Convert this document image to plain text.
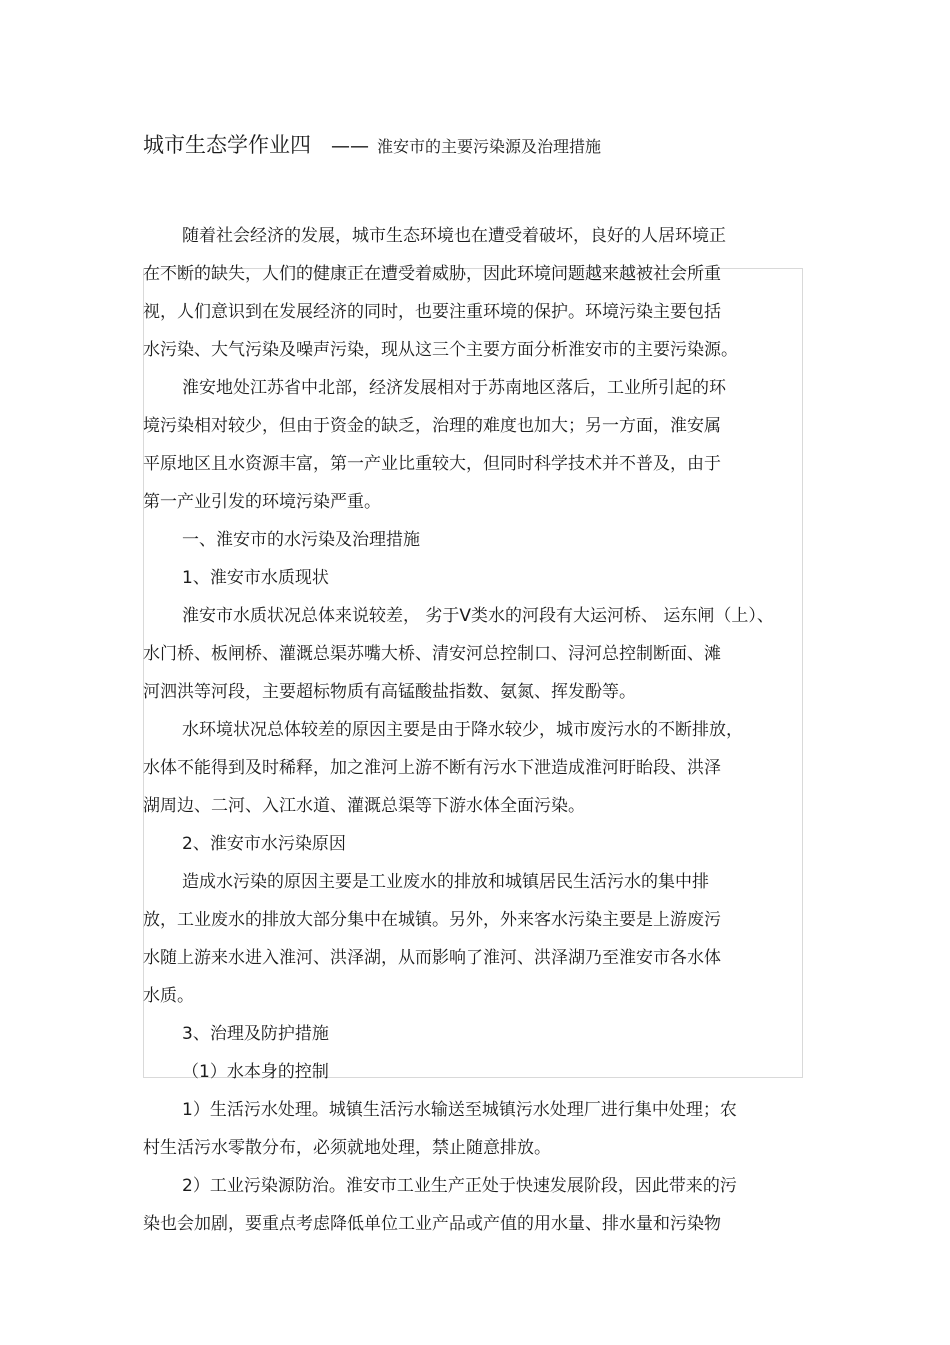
城市生态学作业四 —— 淮安市的主要污染源及治理措施
随着社会经济的发展，城市生态环境也在遭受着破坏，良好的人居环境正
在不断的缺失，人们的健康正在遭受着威胁，因此环境问题越来越被社会所重
视，人们意识到在发展经济的同时，也要注重环境的保护。环境污染主要包括
水污染、大气污染及噪声污染，现从这三个主要方面分析淮安市的主要污染源。
淮安地处江苏省中北部，经济发展相对于苏南地区落后，工业所引起的环
境污染相对较少，但由于资金的缺乏，治理的难度也加大；另一方面，淮安属
平原地区且水资源丰富，第一产业比重较大，但同时科学技术并不普及，由于
第一产业引发的环境污染严重。
一、淮安市的水污染及治理措施
1、淮安市水质现状
淮安市水质状况总体来说较差， 劣于Ⅴ类水的河段有大运河桥、 运东闸（上）、
水门桥、板闸桥、灌溉总渠苏嘴大桥、清安河总控制口、浔河总控制断面、滩
河泗洪等河段，主要超标物质有高锰酸盐指数、氨氮、挥发酚等。
水环境状况总体较差的原因主要是由于降水较少，城市废污水的不断排放，
水体不能得到及时稀释，加之淮河上游不断有污水下泄造成淮河盱眙段、洪泽
湖周边、二河、入江水道、灌溉总渠等下游水体全面污染。
2、淮安市水污染原因
造成水污染的原因主要是工业废水的排放和城镇居民生活污水的集中排
放，工业废水的排放大部分集中在城镇。另外，外来客水污染主要是上游废污
水随上游来水进入淮河、洪泽湖，从而影响了淮河、洪泽湖乃至淮安市各水体
水质。
3、治理及防护措施
（1）水本身的控制
1）生活污水处理。城镇生活污水输送至城镇污水处理厂进行集中处理；农
村生活污水零散分布，必须就地处理，禁止随意排放。
2）工业污染源防治。淮安市工业生产正处于快速发展阶段，因此带来的污
染也会加剧，要重点考虑降低单位工业产品或产值的用水量、排水量和污染物
